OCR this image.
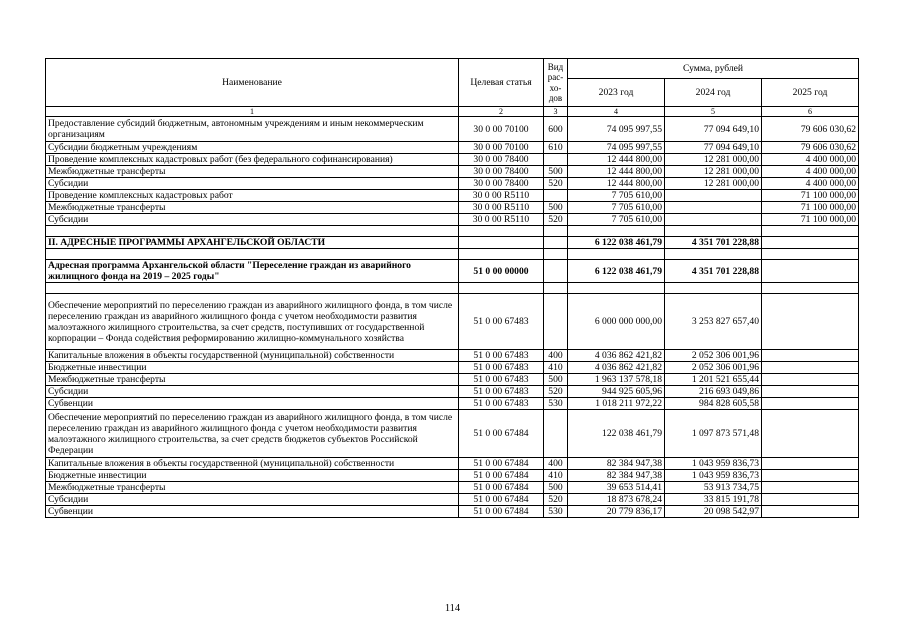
Наименование	Целевая статья	Вид рас-хо-дов	Сумма, рублей		
			2023 год	2024 год	2025 год
1	2	3	4	5	6
Предоставление субсидий бюджетным, автономным учреждениям и иным некоммерческим организациям	30 0 00 70100	600	74 095 997,55	77 094 649,10	79 606 030,62
Субсидии бюджетным учреждениям	30 0 00 70100	610	74 095 997,55	77 094 649,10	79 606 030,62
Проведение комплексных кадастровых работ (без федерального софинансирования)	30 0 00 78400		12 444 800,00	12 281 000,00	4 400 000,00
Межбюджетные трансферты	30 0 00 78400	500	12 444 800,00	12 281 000,00	4 400 000,00
Субсидии	30 0 00 78400	520	12 444 800,00	12 281 000,00	4 400 000,00
Проведение комплексных кадастровых работ	30 0 00 R5110		7 705 610,00		71 100 000,00
Межбюджетные трансферты	30 0 00 R5110	500	7 705 610,00		71 100 000,00
Субсидии	30 0 00 R5110	520	7 705 610,00		71 100 000,00

II. АДРЕСНЫЕ ПРОГРАММЫ АРХАНГЕЛЬСКОЙ ОБЛАСТИ			6 122 038 461,79	4 351 701 228,88	

Адресная программа Архангельской области "Переселение граждан из аварийного жилищного фонда на 2019 – 2025 годы"	51 0 00 00000		6 122 038 461,79	4 351 701 228,88	

Обеспечение мероприятий по переселению граждан из аварийного жилищного фонда, в том числе переселению граждан из аварийного жилищного фонда с учетом необходимости развития малоэтажного жилищного строительства, за счет средств, поступивших от государственной корпорации – Фонда содействия реформированию жилищно-коммунального хозяйства	51 0 00 67483		6 000 000 000,00	3 253 827 657,40	
Капитальные вложения в объекты государственной (муниципальной) собственности	51 0 00 67483	400	4 036 862 421,82	2 052 306 001,96	
Бюджетные инвестиции	51 0 00 67483	410	4 036 862 421,82	2 052 306 001,96	
Межбюджетные трансферты	51 0 00 67483	500	1 963 137 578,18	1 201 521 655,44	
Субсидии	51 0 00 67483	520	944 925 605,96	216 693 049,86	
Субвенции	51 0 00 67483	530	1 018 211 972,22	984 828 605,58	
Обеспечение мероприятий по переселению граждан из аварийного жилищного фонда, в том числе переселению граждан из аварийного жилищного фонда с учетом необходимости развития малоэтажного жилищного строительства, за счет средств бюджетов субъектов Российской Федерации	51 0 00 67484		122 038 461,79	1 097 873 571,48	
Капитальные вложения в объекты государственной (муниципальной) собственности	51 0 00 67484	400	82 384 947,38	1 043 959 836,73	
Бюджетные инвестиции	51 0 00 67484	410	82 384 947,38	1 043 959 836,73	
Межбюджетные трансферты	51 0 00 67484	500	39 653 514,41	53 913 734,75	
Субсидии	51 0 00 67484	520	18 873 678,24	33 815 191,78	
Субвенции	51 0 00 67484	530	20 779 836,17	20 098 542,97	
114
